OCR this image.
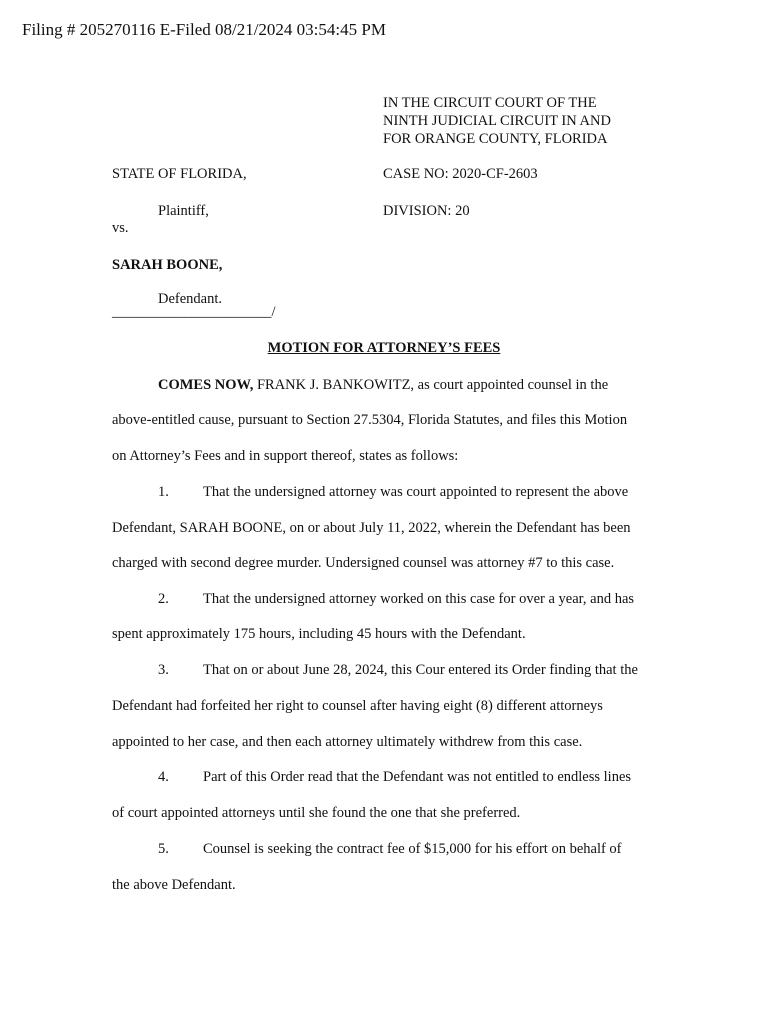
Filing # 205270116 E-Filed 08/21/2024 03:54:45 PM
IN THE CIRCUIT COURT OF THE
NINTH JUDICIAL CIRCUIT IN AND
FOR ORANGE COUNTY, FLORIDA
STATE OF FLORIDA,	CASE NO: 2020-CF-2603
Plaintiff,	DIVISION: 20
vs.
SARAH BOONE,
Defendant.
______________________/
MOTION FOR ATTORNEY’S FEES
COMES NOW, FRANK J. BANKOWITZ, as court appointed counsel in the
above-entitled cause, pursuant to Section 27.5304, Florida Statutes, and files this Motion
on Attorney’s Fees and in support thereof, states as follows:
1. That the undersigned attorney was court appointed to represent the above
Defendant, SARAH BOONE, on or about July 11, 2022, wherein the Defendant has been
charged with second degree murder. Undersigned counsel was attorney #7 to this case.
2. That the undersigned attorney worked on this case for over a year, and has
spent approximately 175 hours, including 45 hours with the Defendant.
3. That on or about June 28, 2024, this Cour entered its Order finding that the
Defendant had forfeited her right to counsel after having eight (8) different attorneys
appointed to her case, and then each attorney ultimately withdrew from this case.
4. Part of this Order read that the Defendant was not entitled to endless lines
of court appointed attorneys until she found the one that she preferred.
5. Counsel is seeking the contract fee of $15,000 for his effort on behalf of
the above Defendant.
